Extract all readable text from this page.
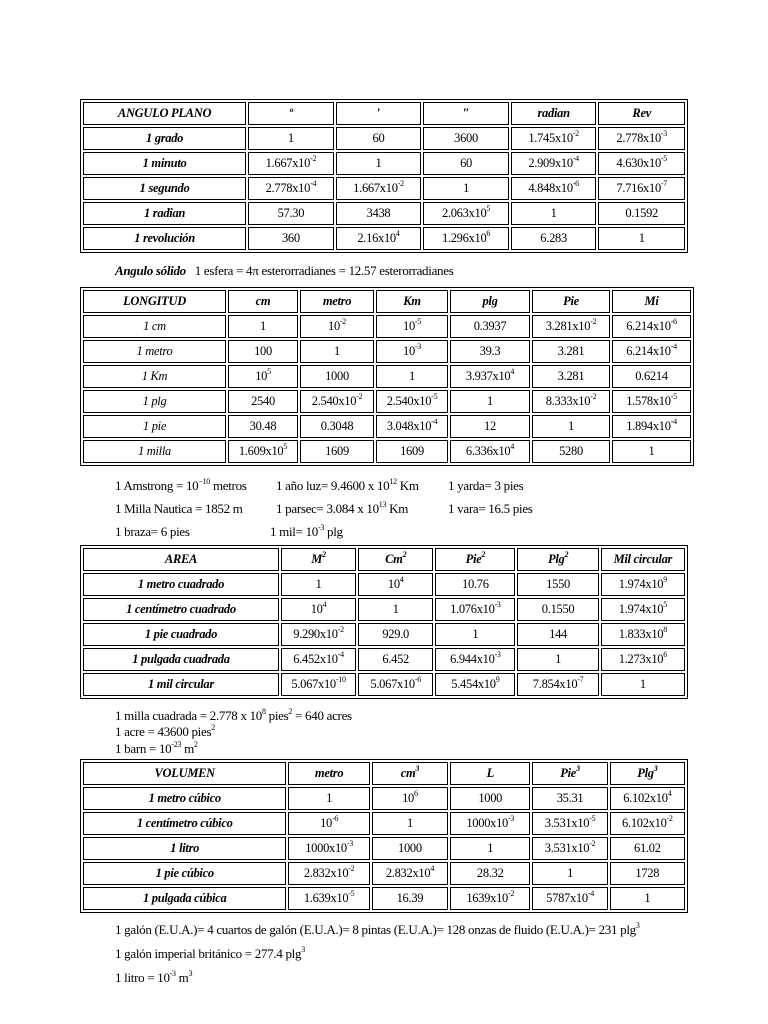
ANGULO PLANO	º	′	″	radian	Rev
1 grado	1	60	3600	$1.745x10^{-2}$	$2.778x10^{-3}$
1 minuto	$1.667x10^{-2}$	1	60	$2.909x10^{-4}$	$4.630x10^{-5}$
1 segundo	$2.778x10^{-4}$	$1.667x10^{-2}$	1	$4.848x10^{-6}$	$7.716x10^{-7}$
1 radian	57.30	3438	$2.063x10^5$	1	0.1592
1 revolución	360	$2.16x10^4$	$1.296x10^6$	6.283	1
Angulo sólido 1 esfera = 4π esterorradianes = 12.57 esterorradianes
LONGITUD	cm	metro	Km	plg	Pie	Mi
1 cm	1	$10^{-2}$	$10^{-5}$	0.3937	$3.281x10^{-2}$	$6.214x10^{-6}$
1 metro	100	1	$10^{-3}$	39.3	3.281	$6.214x10^{-4}$
1 Km	$10^5$	1000	1	$3.937x10^4$	3.281	0.6214
1 plg	2540	$2.540x10^{-2}$	$2.540x10^{-5}$	1	$8.333x10^{-2}$	$1.578x10^{-5}$
1 pie	30.48	0.3048	$3.048x10^{-4}$	12	1	$1.894x10^{-4}$
1 milla	$1.609x10^5$	1609	1609	$6.336x10^4$	5280	1
1 Amstrong = $10^{-10}$ metros 1 año luz= 9.4600 x $10^{12}$ Km 1 yarda= 3 pies
1 Milla Nautica = 1852 m	1 parsec= 3.084 x $10^{13}$ Km	1 vara= 16.5 pies
1 braza= 6 pies	1 $mil= 10^{-3}$ plg
AREA	$M^2$	Cm$^2$	Pie$^2$	Plg$^2$	Mil circular
1 metro cuadrado	1	$10^4$	10.76	1550	$1.974x10^9$
1 centímetro cuadrado	$10^4$	1	$1.076x10^{-3}$	0.1550	$1.974x10^5$
1 pie cuadrado	$9.290x10^{-2}$	929.0	1	144	$1.833x10^8$
1 pulgada cuadrada	$6.452x10^{-4}$	6.452	$6.944x10^{-3}$	1	$1.273x10^6$
1 mil circular	$5.067x10^{-10}$	$5.067x10^{-6}$	$5.454x10^9$	$7.854x10^{-7}$	1
1 milla cuadrada = 2.778 x $10^8$ pies$^2$ = 640 acres
1 acre = 43600 pies$^2$
1 barn = $10^{-23}$ $m^2$
VOLUMEN	metro	$cm^3$	L	Pie$^3$	Plg$^3$
1 metro cúbico	1	$10^6$	1000	35.31	$6.102x10^4$
1 centímetro cúbico	$10^{-6}$	1	$1000x10^{-3}$	$3.531x10^{-5}$	$6.102x10^{-2}$
1 litro	$1000x10^{-3}$	1000	1	$3.531x10^{-2}$	61.02
1 pie cúbico	$2.832x10^{-2}$	$2.832x10^4$	28.32	1	1728
1 pulgada cúbica	$1.639x10^{-5}$	16.39	$1639x10^{-2}$	$5787x10^{-4}$	1
1 galón (E.U.A.)= 4 cuartos de galón (E.U.A.)= 8 pintas (E.U.A.)= 128 onzas de fluido (E.U.A.)= 231 plg$^3$
1 galón imperial británico = 277.4 plg$^3$
1 litro = $10^{-3}$ $m^3$
